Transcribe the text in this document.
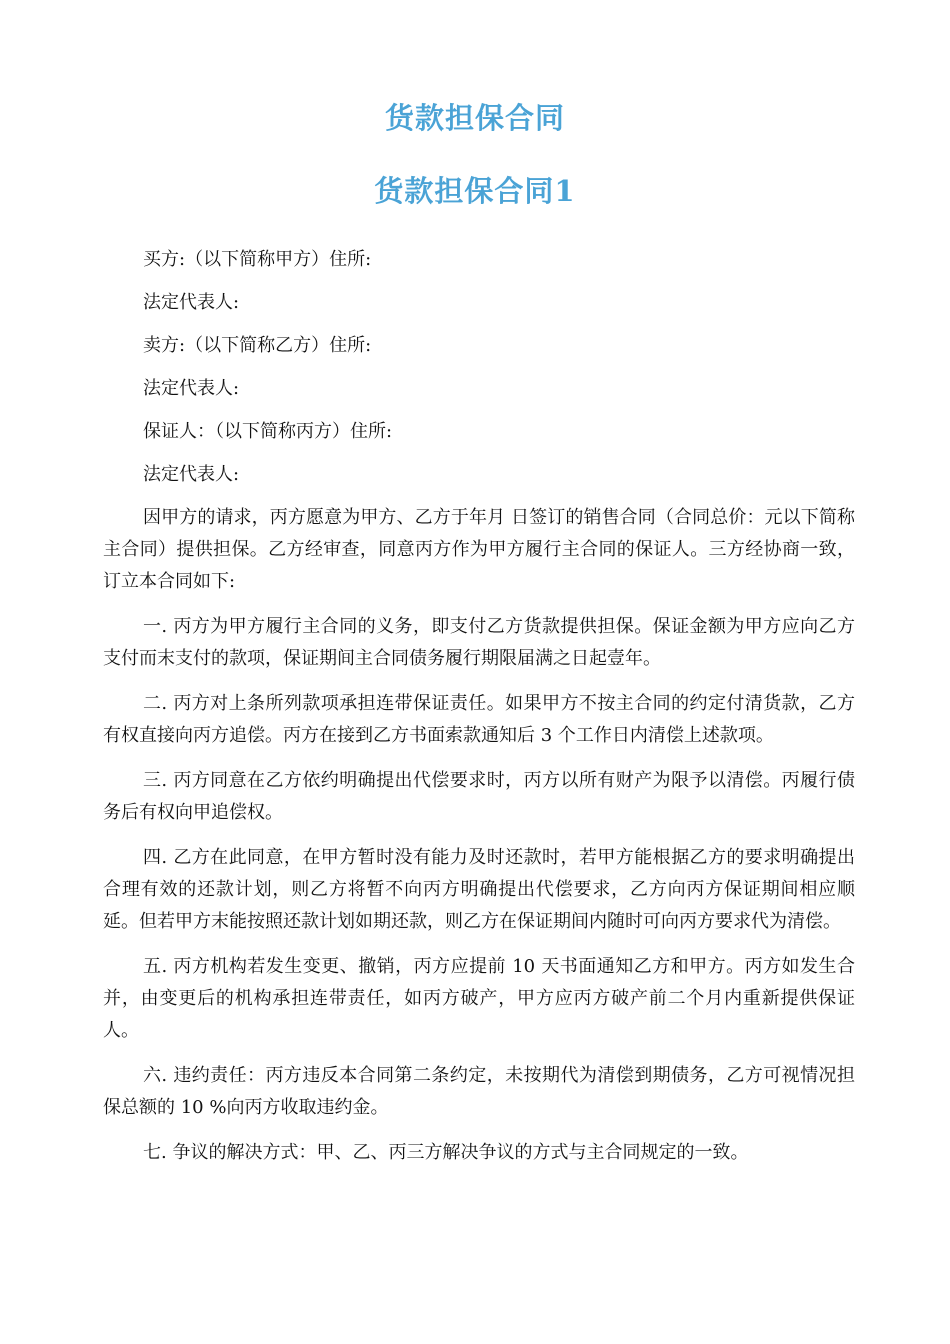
货款担保合同
货款担保合同1

买方:（以下简称甲方）住所:

法定代表人:

卖方:（以下简称乙方）住所:

法定代表人:

保证人：（以下简称丙方）住所:

法定代表人:

因甲方的请求，丙方愿意为甲方、乙方于年月 日签订的销售合同（合同总价：元以下简称主合同）提供担保。乙方经审查，同意丙方作为甲方履行主合同的保证人。三方经协商一致，订立本合同如下:

一. 丙方为甲方履行主合同的义务，即支付乙方货款提供担保。保证金额为甲方应向乙方支付而末支付的款项，保证期间主合同债务履行期限届满之日起壹年。

二. 丙方对上条所列款项承担连带保证责任。如果甲方不按主合同的约定付清货款，乙方有权直接向丙方追偿。丙方在接到乙方书面索款通知后 3 个工作日内清偿上述款项。

三. 丙方同意在乙方依约明确提出代偿要求时，丙方以所有财产为限予以清偿。丙履行债务后有权向甲追偿权。

四. 乙方在此同意，在甲方暂时没有能力及时还款时，若甲方能根据乙方的要求明确提出合理有效的还款计划，则乙方将暂不向丙方明确提出代偿要求，乙方向丙方保证期间相应顺延。但若甲方末能按照还款计划如期还款，则乙方在保证期间内随时可向丙方要求代为清偿。

五. 丙方机构若发生变更、撤销，丙方应提前 10 天书面通知乙方和甲方。丙方如发生合并，由变更后的机构承担连带责任，如丙方破产，甲方应丙方破产前二个月内重新提供保证人。

六. 违约责任：丙方违反本合同第二条约定，未按期代为清偿到期债务，乙方可视情况担保总额的 10 %向丙方收取违约金。

七. 争议的解决方式：甲、乙、丙三方解决争议的方式与主合同规定的一致。
